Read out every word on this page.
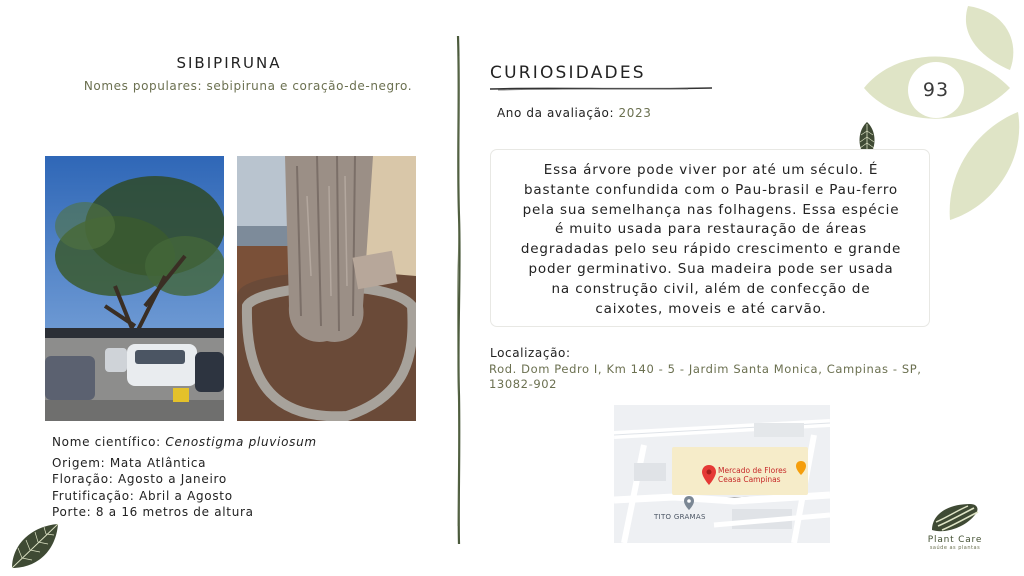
93
SIBIPIRUNA
Nomes populares: sebipiruna e coração-de-negro.
Nome científico: Cenostigma pluviosum
Origem: Mata Atlântica
Floração: Agosto a Janeiro
Frutificação: Abril a Agosto
Porte: 8 a 16 metros de altura
CURIOSIDADES
Ano da avaliação: 2023
Essa árvore pode viver por até um século. É
bastante confundida com o Pau-brasil e Pau-ferro
pela sua semelhança nas folhagens. Essa espécie
é muito usada para restauração de áreas
degradadas pelo seu rápido crescimento e grande
poder germinativo. Sua madeira pode ser usada
na construção civil, além de confecção de
caixotes, moveis e até carvão.
Localização:
Rod. Dom Pedro I, Km 140 - 5 - Jardim Santa Monica, Campinas - SP,
13082-902
Mercado de Flores
Ceasa Campinas
TITO GRAMAS
Plant Care
saúde as plantas
